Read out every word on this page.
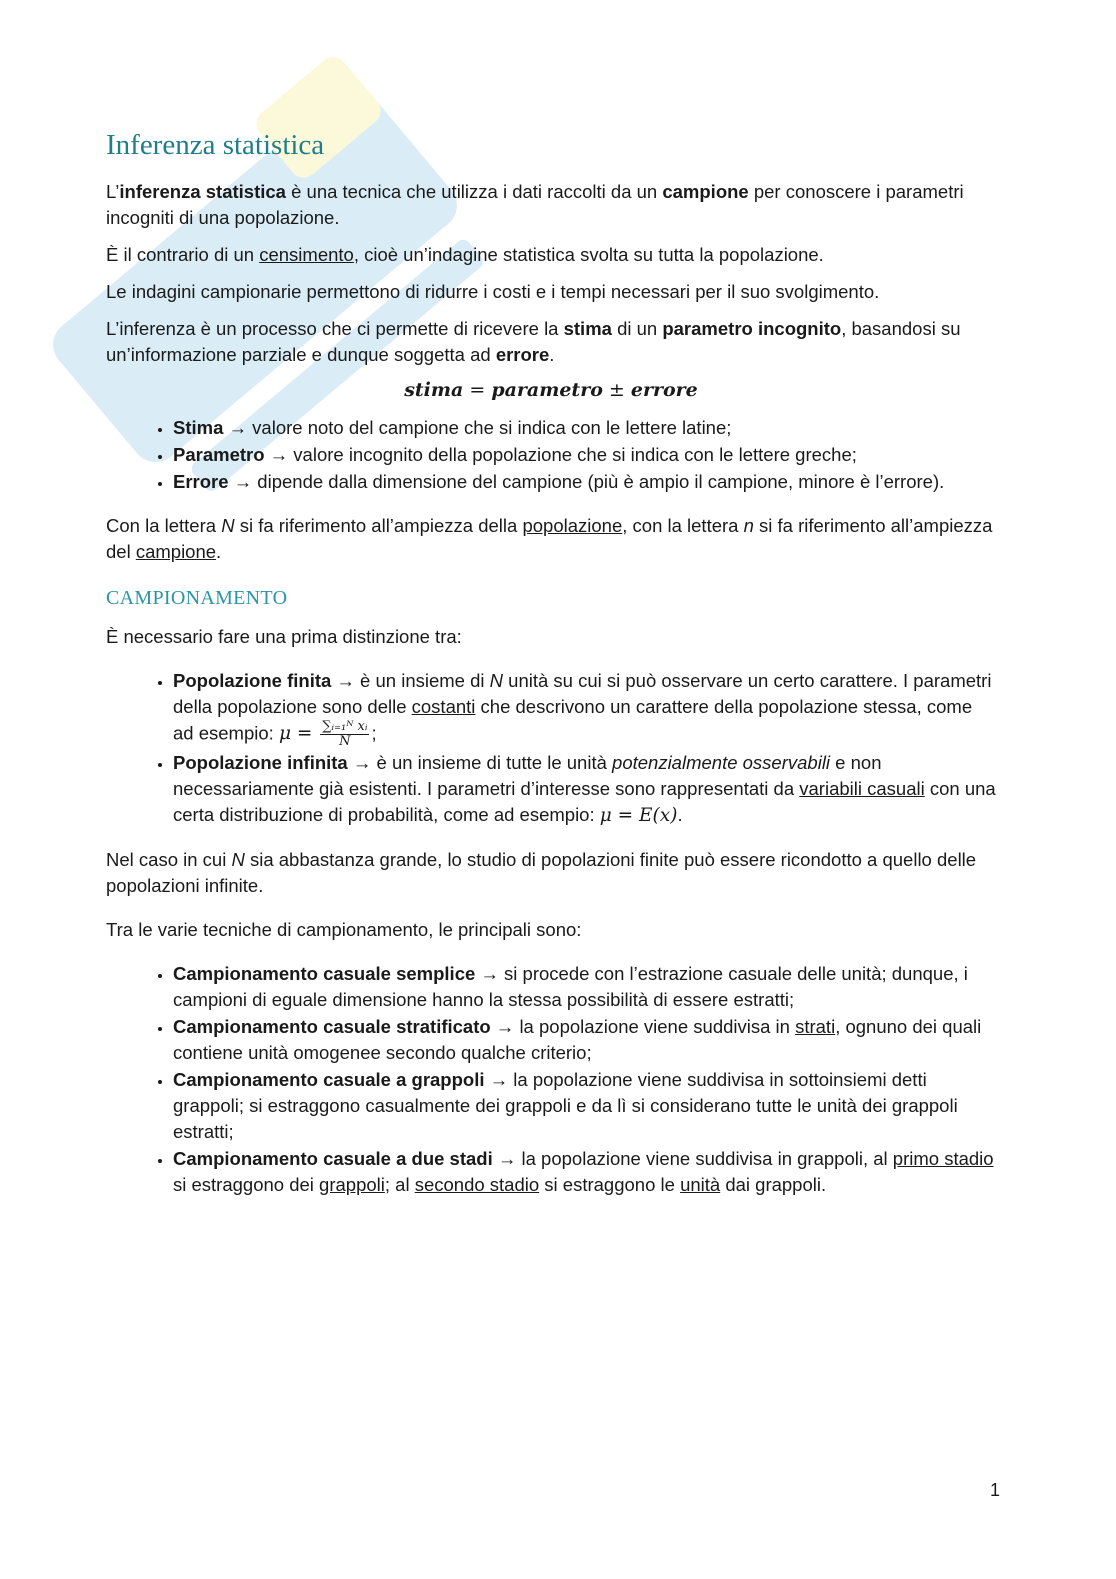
Inferenza statistica

L’inferenza statistica è una tecnica che utilizza i dati raccolti da un campione per conoscere i parametri incogniti di una popolazione.

È il contrario di un censimento, cioè un’indagine statistica svolta su tutta la popolazione.

Le indagini campionarie permettono di ridurre i costi e i tempi necessari per il suo svolgimento.

L’inferenza è un processo che ci permette di ricevere la stima di un parametro incognito, basandosi su un’informazione parziale e dunque soggetta ad errore.

stima = parametro ± errore
• Stima → valore noto del campione che si indica con le lettere latine;
• Parametro → valore incognito della popolazione che si indica con le lettere greche;
• Errore → dipende dalla dimensione del campione (più è ampio il campione, minore è l’errore).

Con la lettera N si fa riferimento all’ampiezza della popolazione, con la lettera n si fa riferimento all’ampiezza del campione.

CAMPIONAMENTO

È necessario fare una prima distinzione tra:

• Popolazione finita → è un insieme di N unità su cui si può osservare un certo carattere. I parametri della popolazione sono delle costanti che descrivono un carattere della popolazione stessa, come ad esempio: $\mu = \frac{\text{∑ᵢ₌₁ᴺ xᵢ}}{N}$ ;
• Popolazione infinita → è un insieme di tutte le unità potenzialmente osservabili e non necessariamente già esistenti. I parametri d’interesse sono rappresentati da variabili casuali con una certa distribuzione di probabilità, come ad esempio: μ = E(x).

Nel caso in cui N sia abbastanza grande, lo studio di popolazioni finite può essere ricondotto a quello delle popolazioni infinite.

Tra le varie tecniche di campionamento, le principali sono:

• Campionamento casuale semplice → si procede con l’estrazione casuale delle unità; dunque, i campioni di eguale dimensione hanno la stessa possibilità di essere estratti;
• Campionamento casuale stratificato → la popolazione viene suddivisa in strati, ognuno dei quali contiene unità omogenee secondo qualche criterio;
• Campionamento casuale a grappoli → la popolazione viene suddivisa in sottoinsiemi detti grappoli; si estraggono casualmente dei grappoli e da lì si considerano tutte le unità dei grappoli estratti;
• Campionamento casuale a due stadi → la popolazione viene suddivisa in grappoli, al primo stadio si estraggono dei grappoli; al secondo stadio si estraggono le unità dai grappoli.
1
